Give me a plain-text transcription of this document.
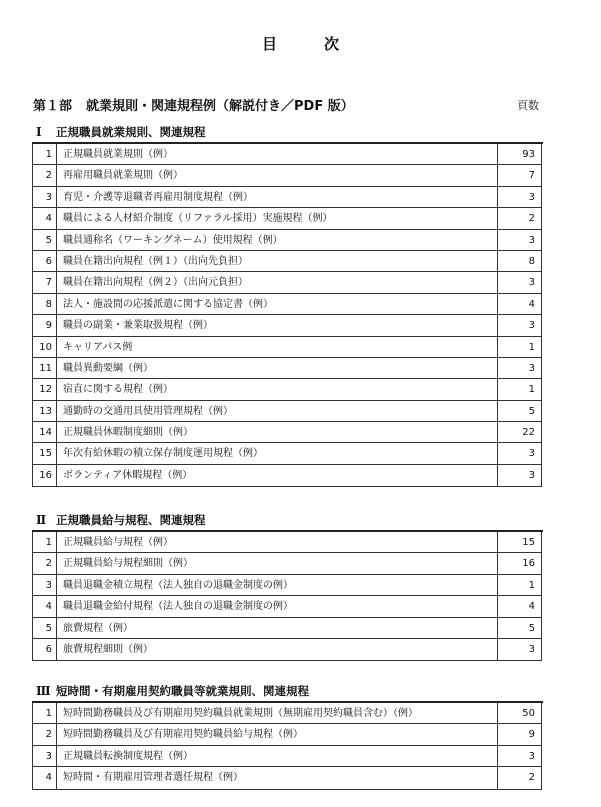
目　次
第１部 就業規則・関連規程例（解説付き／PDF 版）	頁数
Ⅰ 正規職員就業規則、関連規程
1	正規職員就業規則（例）	93
2	再雇用職員就業規則（例）	7
3	育児・介護等退職者再雇用制度規程（例）	3
4	職員による人材紹介制度（リファラル採用）実施規程（例）	2
5	職員通称名（ワーキングネーム）使用規程（例）	3
6	職員在籍出向規程（例１）（出向先負担）	8
7	職員在籍出向規程（例２）（出向元負担）	3
8	法人・施設間の応援派遣に関する協定書（例）	4
9	職員の副業・兼業取扱規程（例）	3
10	キャリアパス例	1
11	職員異動要綱（例）	3
12	宿直に関する規程（例）	1
13	通勤時の交通用具使用管理規程（例）	5
14	正規職員休暇制度細則（例）	22
15	年次有給休暇の積立保存制度運用規程（例）	3
16	ボランティア休暇規程（例）	3
Ⅱ 正規職員給与規程、関連規程
1	正規職員給与規程（例）	15
2	正規職員給与規程細則（例）	16
3	職員退職金積立規程（法人独自の退職金制度の例）	1
4	職員退職金給付規程（法人独自の退職金制度の例）	4
5	旅費規程（例）	5
6	旅費規程細則（例）	3
Ⅲ 短時間・有期雇用契約職員等就業規則、関連規程
1	短時間勤務職員及び有期雇用契約職員就業規則（無期雇用契約職員含む）（例）	50
2	短時間勤務職員及び有期雇用契約職員給与規程（例）	9
3	正規職員転換制度規程（例）	3
4	短時間・有期雇用管理者選任規程（例）	2
